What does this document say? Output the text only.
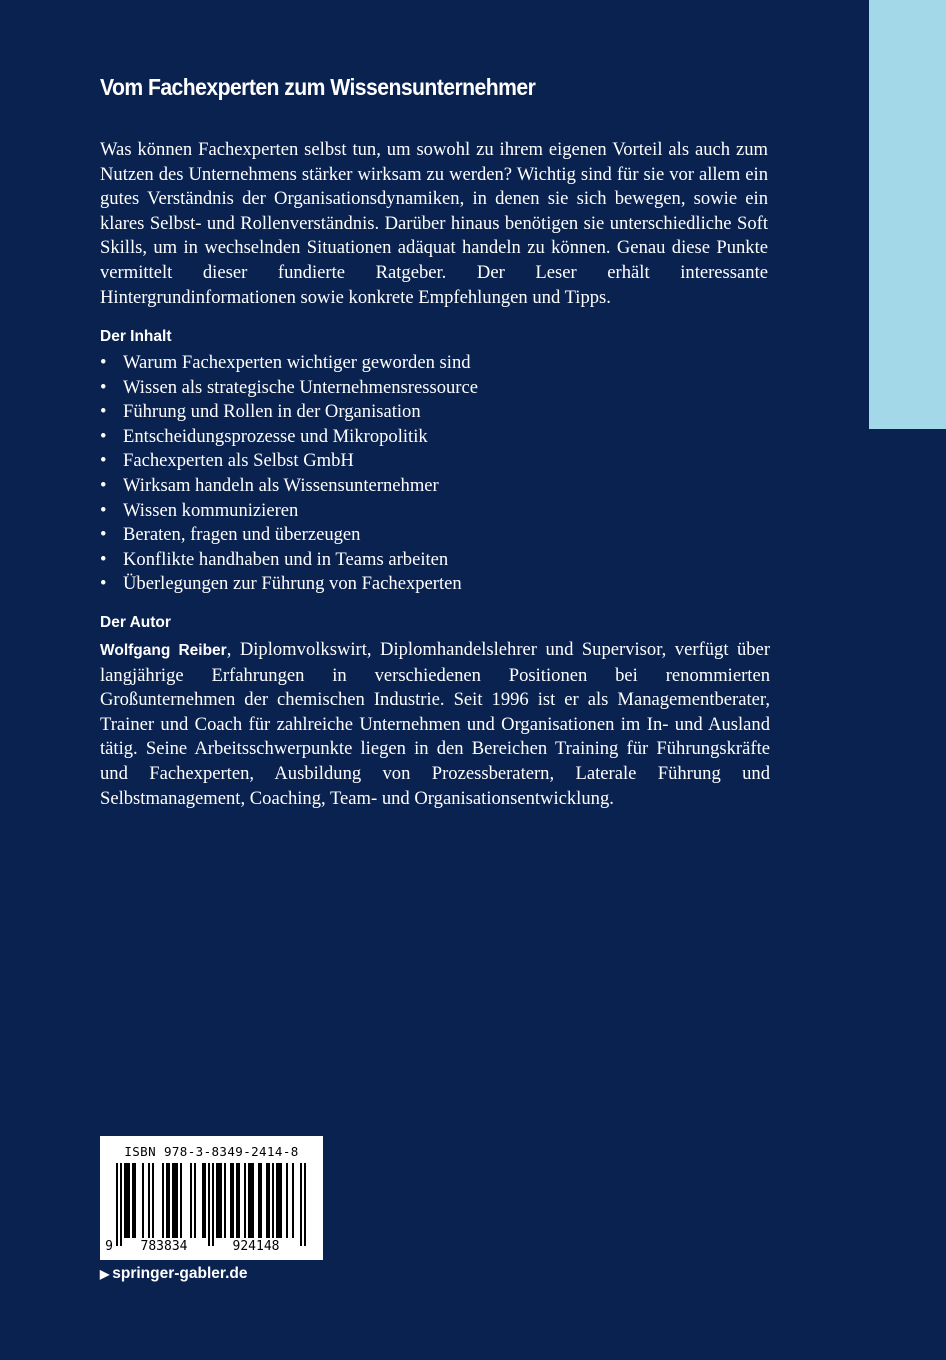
Vom Fachexperten zum Wissensunternehmer

Was können Fachexperten selbst tun, um sowohl zu ihrem eigenen Vorteil als auch zum Nutzen des Unternehmens stärker wirksam zu werden? Wichtig sind für sie vor allem ein gutes Verständnis der Organisationsdynamiken, in denen sie sich bewegen, sowie ein klares Selbst- und Rollenverständnis. Darüber hinaus benötigen sie unterschiedliche Soft Skills, um in wechselnden Situationen adäquat handeln zu können. Genau diese Punkte vermittelt dieser fundierte Ratgeber. Der Leser erhält interessante Hintergrundinformationen sowie konkrete Empfehlungen und Tipps.

Der Inhalt
• Warum Fachexperten wichtiger geworden sind
• Wissen als strategische Unternehmensressource
• Führung und Rollen in der Organisation
• Entscheidungsprozesse und Mikropolitik
• Fachexperten als Selbst GmbH
• Wirksam handeln als Wissensunternehmer
• Wissen kommunizieren
• Beraten, fragen und überzeugen
• Konflikte handhaben und in Teams arbeiten
• Überlegungen zur Führung von Fachexperten
Der Autor

Wolfgang Reiber, Diplomvolkswirt, Diplomhandelslehrer und Supervisor, verfügt über langjährige Erfahrungen in verschiedenen Positionen bei renommierten Großunternehmen der chemischen Industrie. Seit 1996 ist er als Managementberater, Trainer und Coach für zahlreiche Unternehmen und Organisationen im In- und Ausland tätig. Seine Arbeitsschwerpunkte liegen in den Bereichen Training für Führungskräfte und Fachexperten, Ausbildung von Prozessberatern, Laterale Führung und Selbstmanagement, Coaching, Team- und Organisationsentwicklung.

ISBN 978-3-8349-2414-8
9 783834	924148
▶ springer-gabler.de
